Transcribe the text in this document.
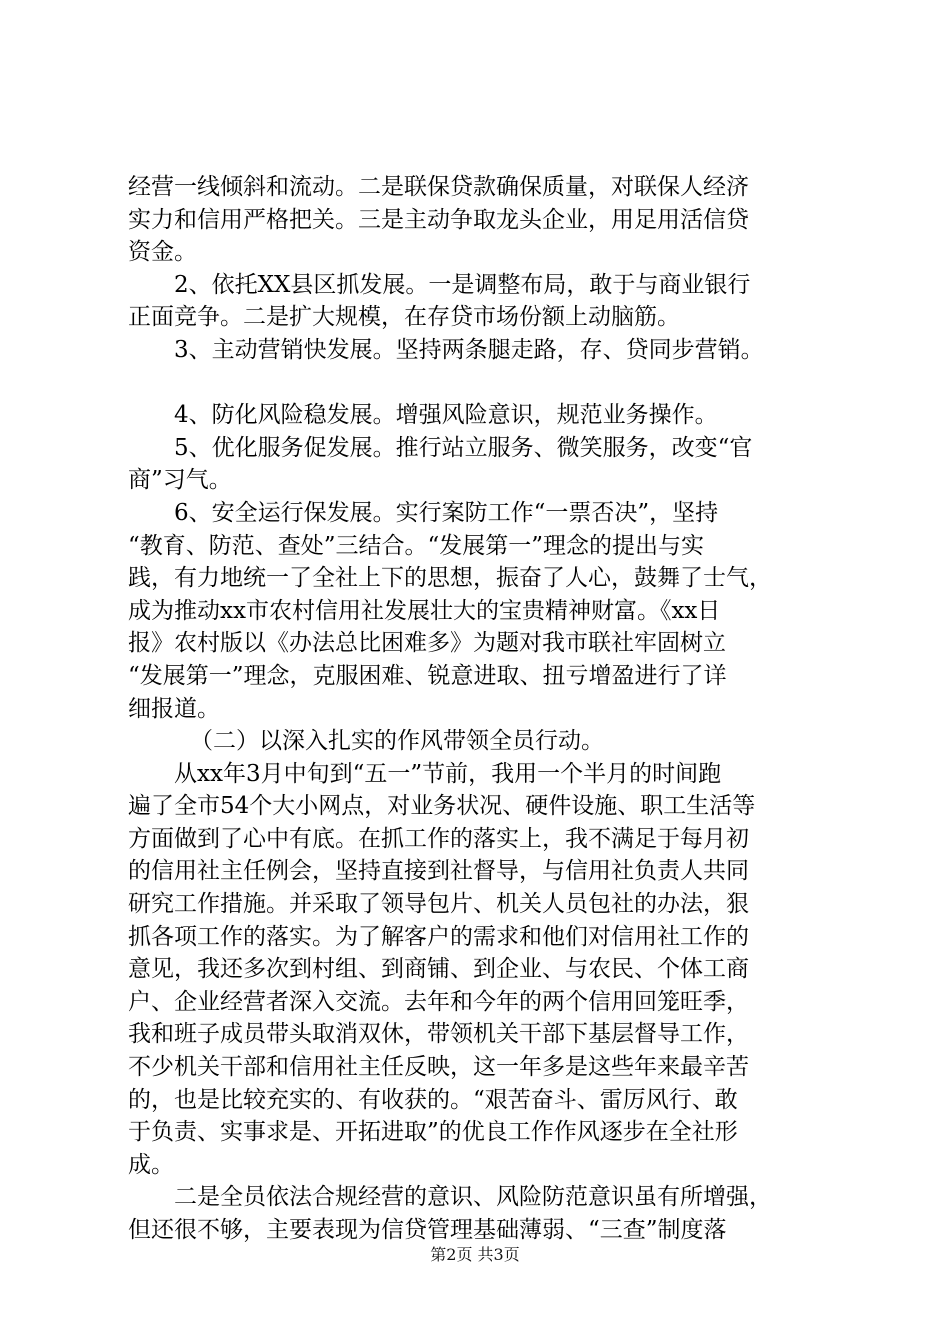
经营一线倾斜和流动。二是联保贷款确保质量，对联保人经济
实力和信用严格把关。三是主动争取龙头企业，用足用活信贷
资金。
2、依托XX县区抓发展。一是调整布局，敢于与商业银行
正面竞争。二是扩大规模，在存贷市场份额上动脑筋。
3、主动营销快发展。坚持两条腿走路，存、贷同步营销。
4、防化风险稳发展。增强风险意识，规范业务操作。
5、优化服务促发展。推行站立服务、微笑服务，改变“官
商”习气。
6、安全运行保发展。实行案防工作“一票否决”，坚持
“教育、防范、查处”三结合。“发展第一”理念的提出与实
践，有力地统一了全社上下的思想，振奋了人心，鼓舞了士气，
成为推动xx市农村信用社发展壮大的宝贵精神财富。《xx日
报》农村版以《办法总比困难多》为题对我市联社牢固树立
“发展第一”理念，克服困难、锐意进取、扭亏增盈进行了详
细报道。
（二）以深入扎实的作风带领全员行动。
从xx年3月中旬到“五一”节前，我用一个半月的时间跑
遍了全市54个大小网点，对业务状况、硬件设施、职工生活等
方面做到了心中有底。在抓工作的落实上，我不满足于每月初
的信用社主任例会，坚持直接到社督导，与信用社负责人共同
研究工作措施。并采取了领导包片、机关人员包社的办法，狠
抓各项工作的落实。为了解客户的需求和他们对信用社工作的
意见，我还多次到村组、到商铺、到企业、与农民、个体工商
户、企业经营者深入交流。去年和今年的两个信用回笼旺季，
我和班子成员带头取消双休，带领机关干部下基层督导工作，
不少机关干部和信用社主任反映，这一年多是这些年来最辛苦
的，也是比较充实的、有收获的。“艰苦奋斗、雷厉风行、敢
于负责、实事求是、开拓进取”的优良工作作风逐步在全社形
成。
二是全员依法合规经营的意识、风险防范意识虽有所增强，
但还很不够，主要表现为信贷管理基础薄弱、“三查”制度落
第2页 共3页
